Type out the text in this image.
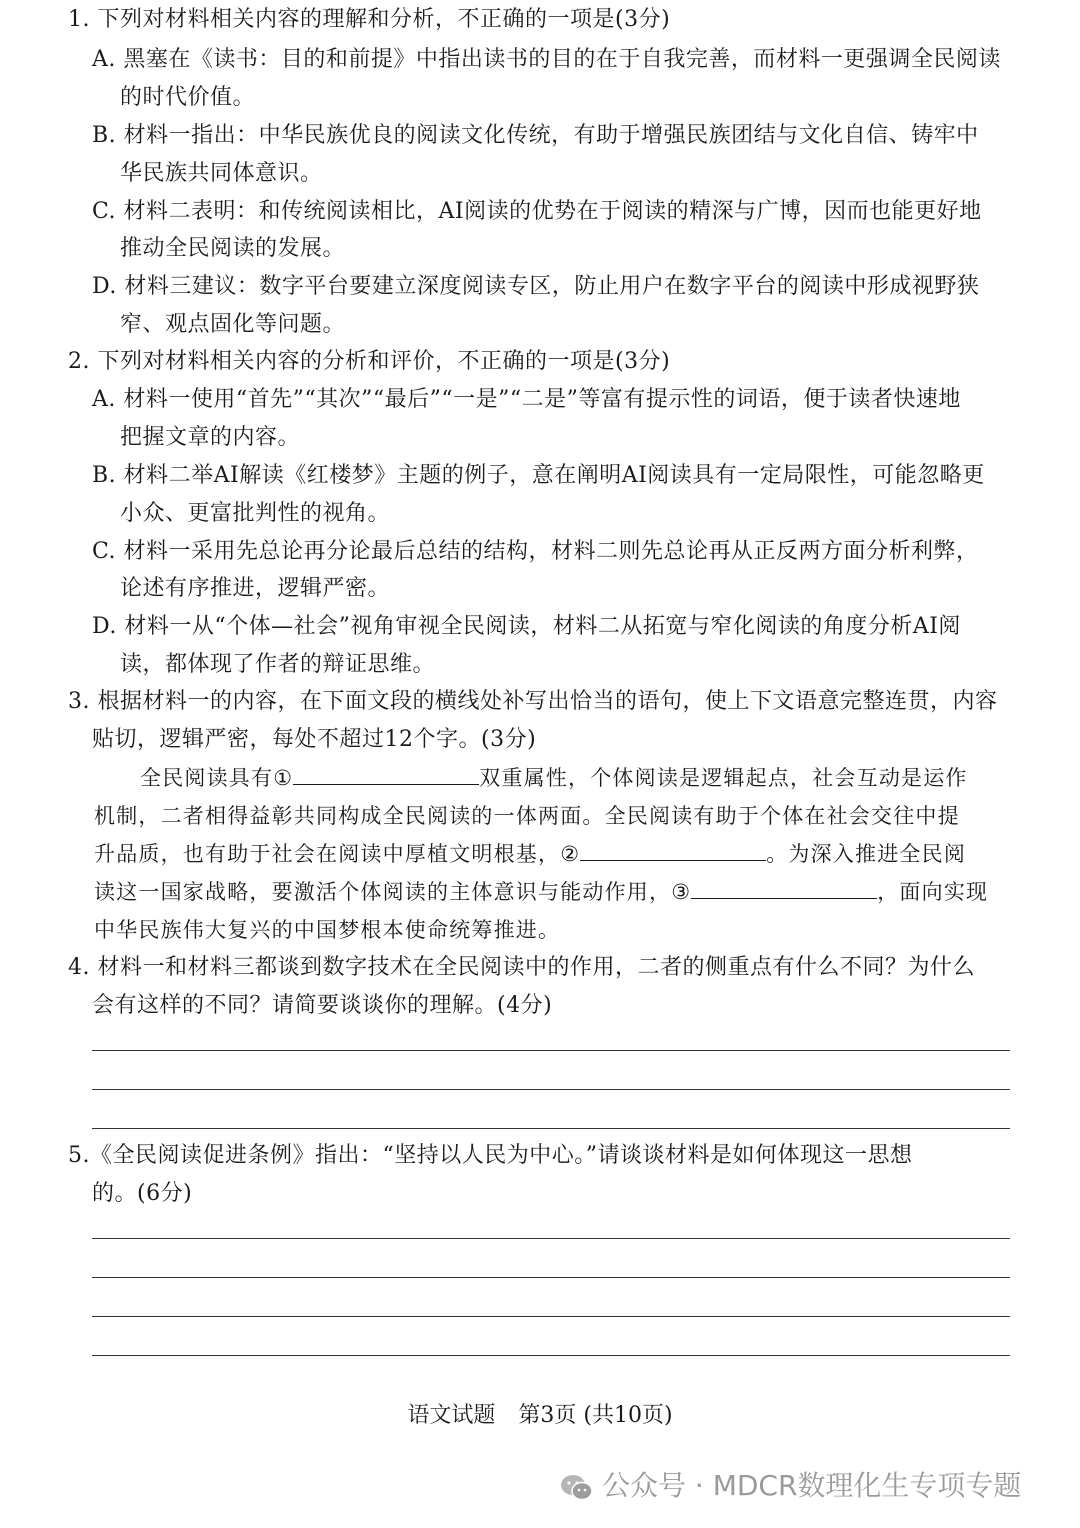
1. 下列对材料相关内容的理解和分析，不正确的一项是(3分)
A. 黑塞在《读书：目的和前提》中指出读书的目的在于自我完善，而材料一更强调全民阅读
的时代价值。
B. 材料一指出：中华民族优良的阅读文化传统，有助于增强民族团结与文化自信、铸牢中
华民族共同体意识。
C. 材料二表明：和传统阅读相比，AI阅读的优势在于阅读的精深与广博，因而也能更好地
推动全民阅读的发展。
D. 材料三建议：数字平台要建立深度阅读专区，防止用户在数字平台的阅读中形成视野狭
窄、观点固化等问题。
2. 下列对材料相关内容的分析和评价，不正确的一项是(3分)
A. 材料一使用“首先”“其次”“最后”“一是”“二是”等富有提示性的词语，便于读者快速地
把握文章的内容。
B. 材料二举AI解读《红楼梦》主题的例子，意在阐明AI阅读具有一定局限性，可能忽略更
小众、更富批判性的视角。
C. 材料一采用先总论再分论最后总结的结构，材料二则先总论再从正反两方面分析利弊，
论述有序推进，逻辑严密。
D. 材料一从“个体—社会”视角审视全民阅读，材料二从拓宽与窄化阅读的角度分析AI阅
读，都体现了作者的辩证思维。
3. 根据材料一的内容，在下面文段的横线处补写出恰当的语句，使上下文语意完整连贯，内容
贴切，逻辑严密，每处不超过12个字。(3分)
全民阅读具有①	双重属性，个体阅读是逻辑起点，社会互动是运作
机制，二者相得益彰共同构成全民阅读的一体两面。全民阅读有助于个体在社会交往中提
升品质，也有助于社会在阅读中厚植文明根基，②	。为深入推进全民阅
读这一国家战略，要激活个体阅读的主体意识与能动作用，③	，面向实现
中华民族伟大复兴的中国梦根本使命统筹推进。
4. 材料一和材料三都谈到数字技术在全民阅读中的作用，二者的侧重点有什么不同？为什么
会有这样的不同？请简要谈谈你的理解。(4分)
5.《全民阅读促进条例》指出：“坚持以人民为中心。”请谈谈材料是如何体现这一思想
的。(6分)
语文试题 第3页 (共10页)
公众号 · MDCR数理化生专项专题
